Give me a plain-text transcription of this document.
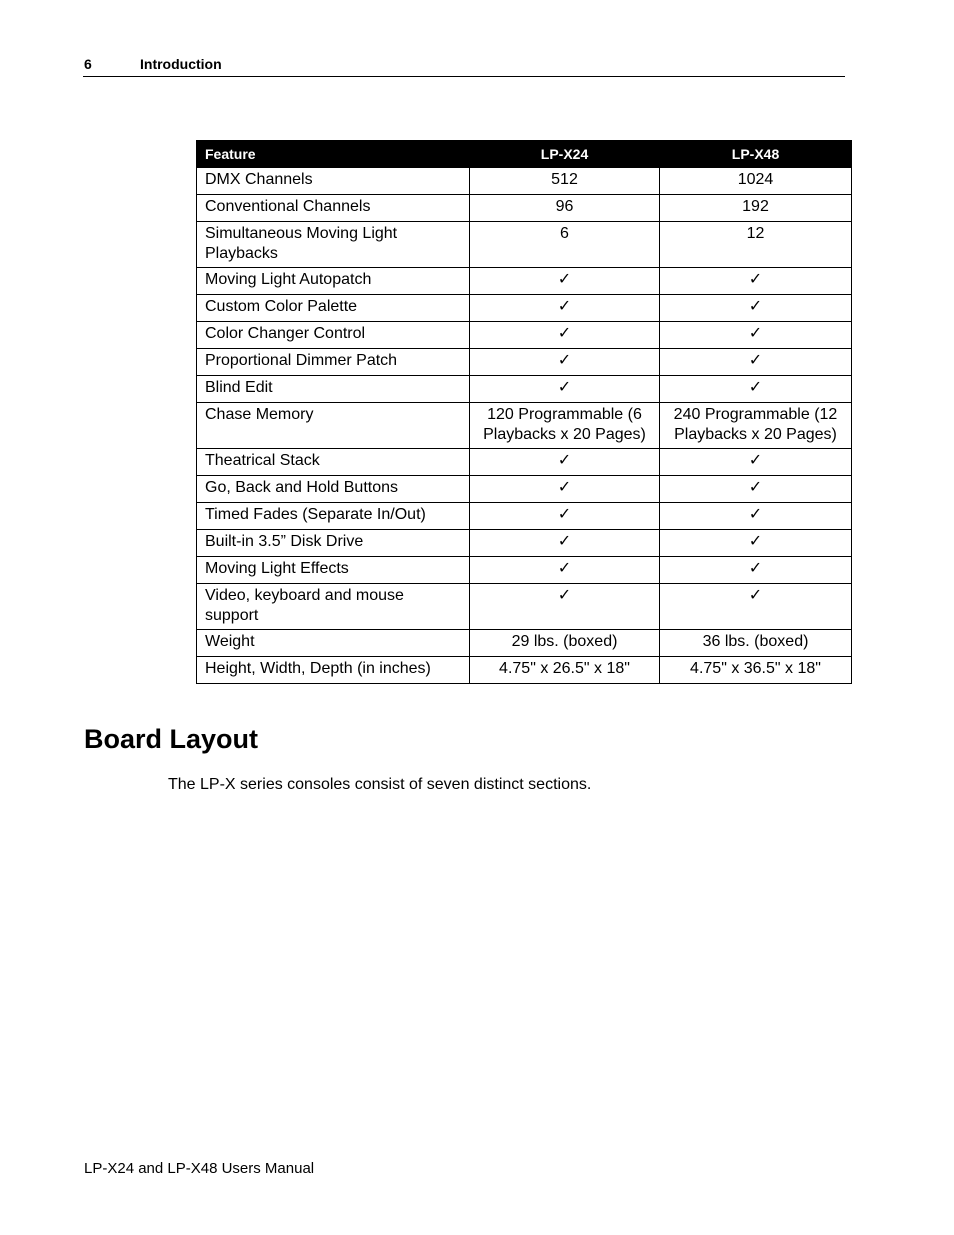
6	Introduction
Feature	LP-X24	LP-X48
DMX Channels	512	1024
Conventional Channels	96	192
Simultaneous Moving Light Playbacks	6	12
Moving Light Autopatch	✓	✓
Custom Color Palette	✓	✓
Color Changer Control	✓	✓
Proportional Dimmer Patch	✓	✓
Blind Edit	✓	✓
Chase Memory	120 Programmable (6 Playbacks x 20 Pages)	240 Programmable (12 Playbacks x 20 Pages)
Theatrical Stack	✓	✓
Go, Back and Hold Buttons	✓	✓
Timed Fades (Separate In/Out)	✓	✓
Built-in 3.5” Disk Drive	✓	✓
Moving Light Effects	✓	✓
Video, keyboard and mouse support	✓	✓
Weight	29 lbs. (boxed)	36 lbs. (boxed)
Height, Width, Depth (in inches)	4.75" x 26.5" x 18"	4.75" x 36.5" x 18"
Board Layout

The LP-X series consoles consist of seven distinct sections.

LP-X24 and LP-X48 Users Manual
